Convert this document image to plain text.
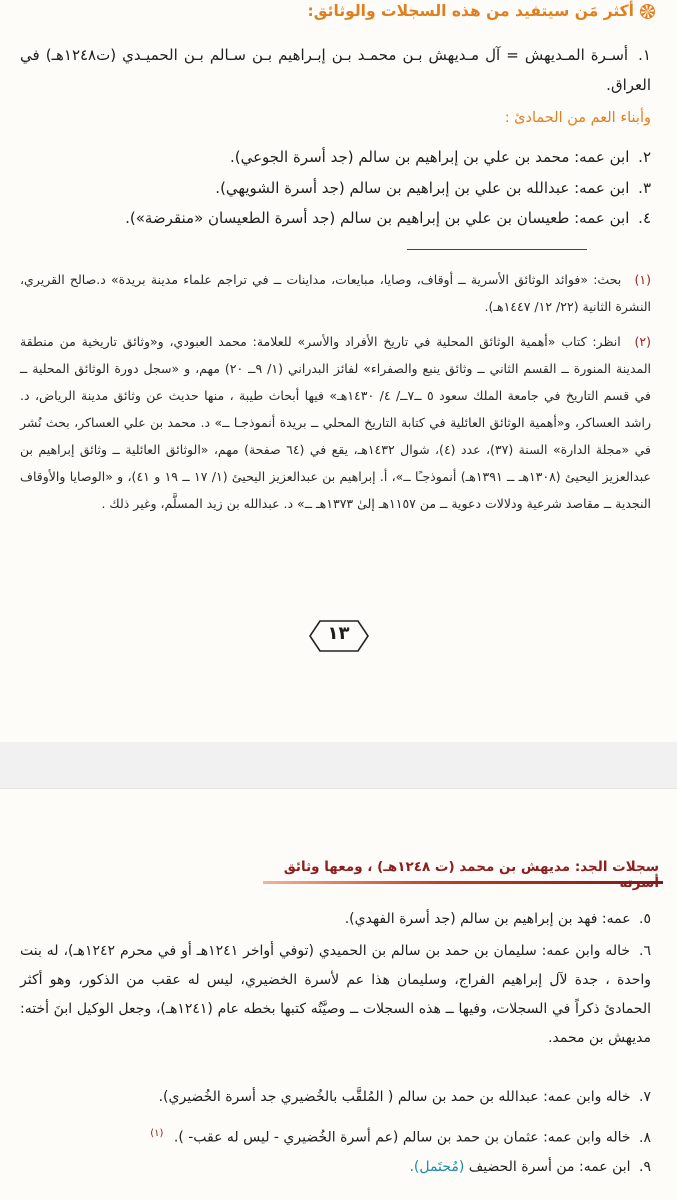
أكثر مَن سيتفيد من هذه السجلات والوثائق:
١. أسـرة المـديهش = آل مـديهش بـن محمـد بـن إبـراهيم بـن سـالم بـن الحميـدي (ت١٢٤٨هـ) في العراق.
وأبناء العم من الحمادئ :
٢. ابن عمه: محمد بن علي بن إبراهيم بن سالم (جد أسرة الجوعي).
٣. ابن عمه: عبدالله بن علي بن إبراهيم بن سالم (جد أسرة الشويهي).
٤. ابن عمه: طعيسان بن علي بن إبراهيم بن سالم (جد أسرة الطعيسان «منقرضة»).
(١) بحث: «فوائد الوثائق الأسرية ــ أوقاف، وصايا، مبايعات، مداينات ــ في تراجم علماء مدينة بريدة» د.صالح القريري، النشرة الثانية (٢٢/ ١٢/ ١٤٤٧هـ).
(٢) انظر: كتاب «أهمية الوثائق المحلية في تاريخ الأفراد والأسر» للعلامة: محمد العبودي، و«وثائق تاريخية من منطقة المدينة المنورة ــ القسم الثاني ــ وثائق ينبع والصفراء» لفائز البدراني (١/ ٩ــ ٢٠) مهم، و «سجل دورة الوثائق المحلية ــ في قسم التاريخ في جامعة الملك سعود ٥ ــ٧ــ/ ٤/ ١٤٣٠هـ» فيها أبحاث طيبة ، منها حديث عن وثائق مدينة الرياض، د. راشد العساكر، و«أهمية الوثائق العائلية في كتابة التاريخ المحلي ــ بريدة أنموذجـا ــ» د. محمد بن علي العساكر، بحث نُشر في «مجلة الدارة» السنة (٣٧)، عدد (٤)، شوال ١٤٣٢هـ، يقع في (٦٤ صفحة) مهم، «الوثائق العائلية ــ وثائق إبراهيم بن عبدالعزيز اليحيئ (١٣٠٨هـ ــ ١٣٩١هـ) أنموذجـًا ــ»، أ. إبراهيم بن عبدالعزيز اليحيئ (١/ ١٧ ــ ١٩ و ٤١)، و «الوصايا والأوقاف النجدية ــ مقاصد شرعية ودلالات دعوية ــ من ١١٥٧هـ إلىٰ ١٣٧٣هـ ــ» د. عبدالله بن زيد المسلَّم، وغير ذلك .
١٣
سجلات الجد: مديهش بن محمد (ت ١٢٤٨هـ) ، ومعها وثائق
٥. عمه: فهد بن إبراهيم بن سالم (جد أسرة الفهدي).
٦. خاله وابن عمه: سليمان بن حمد بن سالم بن الحميدي (توفي أواخر ١٢٤١هـ أو في محرم ١٢٤٢هـ)، له بنت واحدة ، جدة لآل إبراهيم الفراج، وسليمان هذا عم لأسرة الخضيري، ليس له عقب من الذكور، وهو أكثر الحمادئ ذكراً في السجلات، وفيها ــ هذه السجلات ــ وصيَّتُه كتبها بخطه عام (١٢٤١هـ)، وجعل الوكيل ابنَ أخته: مديهش بن محمد.
٧. خاله وابن عمه: عبدالله بن حمد بن سالم ( المُلقَّب بالخُضيري جد أسرة الخُضيري).
٨. خاله وابن عمه: عثمان بن حمد بن سالم (عم أسرة الخُضيري - ليس له عقب- ). $^{(١)}$
٩. ابن عمه: من أسرة الحضيف (مُحتَمل).
